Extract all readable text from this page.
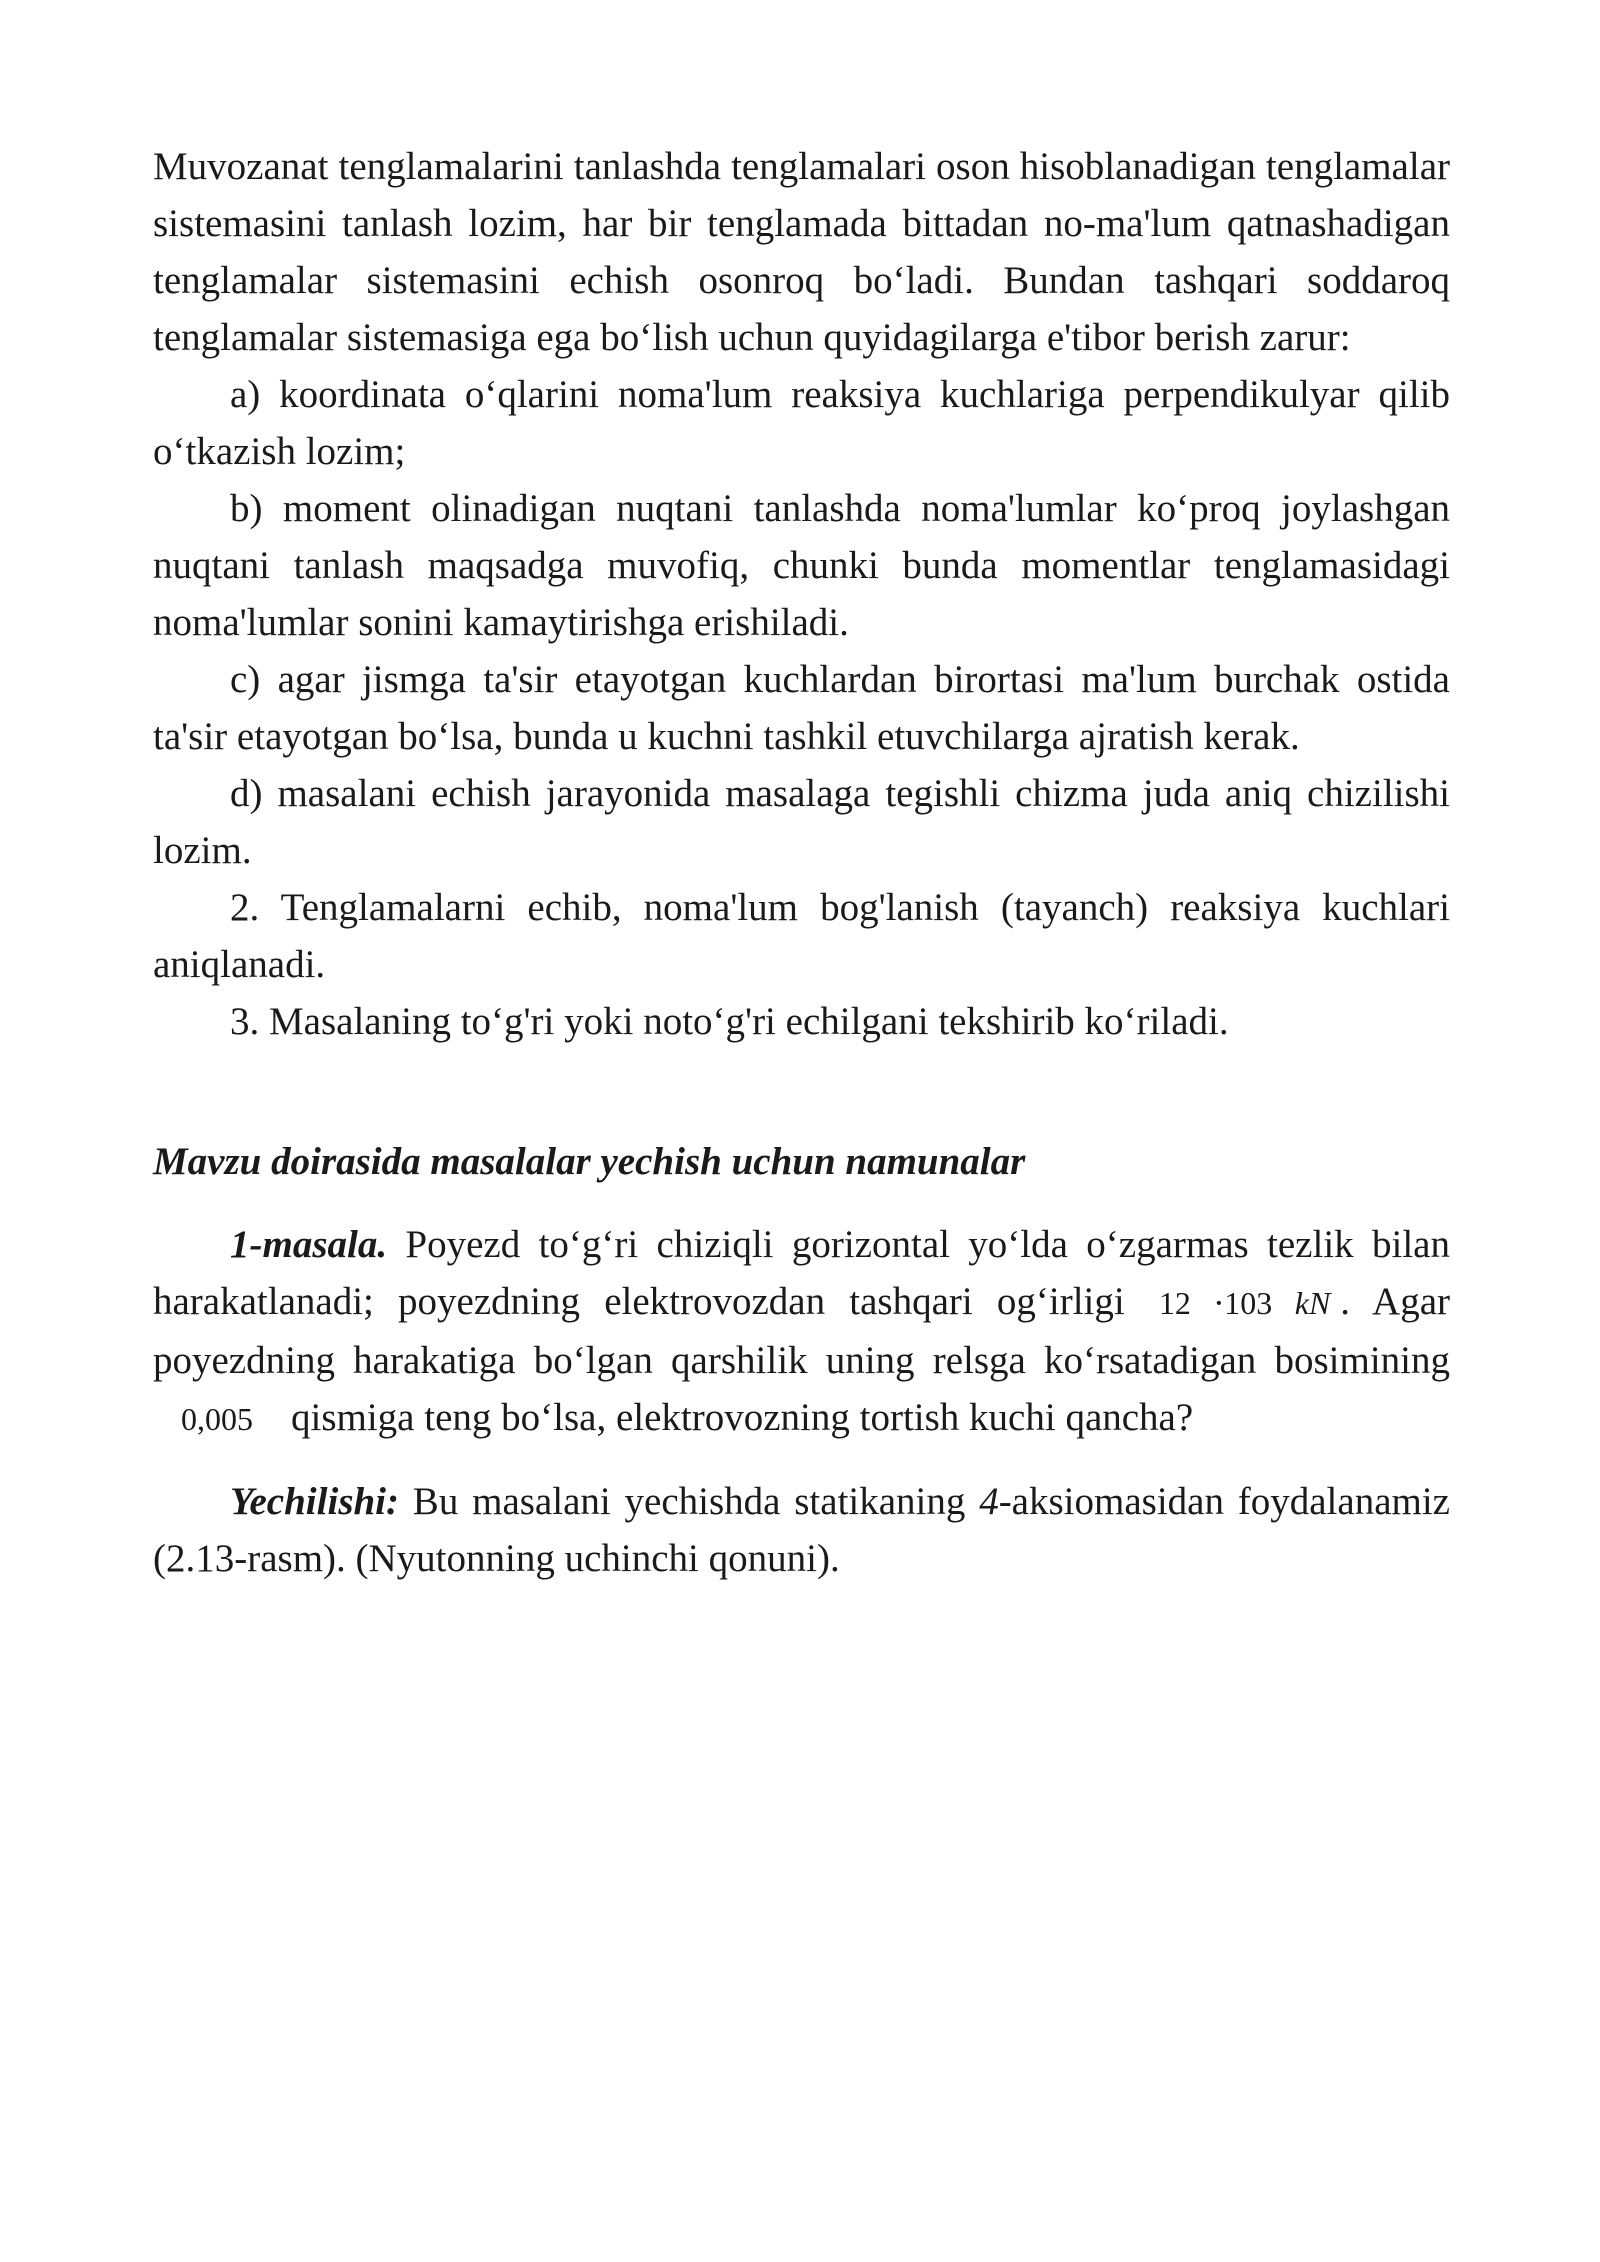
Muvozanat tenglamalarini tanlashda tenglamalari oson hisoblanadigan tenglamalar sistemasini tanlash lozim, har bir tenglamada bittadan no-ma'lum qatnashadigan tenglamalar sistemasini echish osonroq bo‘ladi. Bundan tashqari soddaroq tenglamalar sistemasiga ega bo‘lish uchun quyidagilarga e'tibor berish zarur:

a) koordinata o‘qlarini noma'lum reaksiya kuchlariga perpendikulyar qilib o‘tkazish lozim;

b) moment olinadigan nuqtani tanlashda noma'lumlar ko‘proq joylashgan nuqtani tanlash maqsadga muvofiq, chunki bunda momentlar tenglamasidagi noma'lumlar sonini kamaytirishga erishiladi.

c) agar jismga ta'sir etayotgan kuchlardan birortasi ma'lum burchak ostida ta'sir etayotgan bo‘lsa, bunda u kuchni tashkil etuvchilarga ajratish kerak.

d) masalani echish jarayonida masalaga tegishli chizma juda aniq chizilishi lozim.

2. Tenglamalarni echib, noma'lum bog'lanish (tayanch) reaksiya kuchlari aniqlanadi.

3. Masalaning to‘g'ri yoki noto‘g'ri echilgani tekshirib ko‘riladi.

Mavzu doirasida masalalar yechish uchun namunalar

1-masala. Poyezd to‘g‘ri chiziqli gorizontal yo‘lda o‘zgarmas tezlik bilan harakatlanadi; poyezdning elektrovozdan tashqari og‘irligi 12 ⋅103 kN . Agar poyezdning harakatiga bo‘lgan qarshilik uning relsga ko‘rsatadigan bosimining 0,005 qismiga teng bo‘lsa, elektrovozning tortish kuchi qancha?

Yechilishi: Bu masalani yechishda statikaning 4-aksiomasidan foydalanamiz (2.13-rasm). (Nyutonning uchinchi qonuni).
